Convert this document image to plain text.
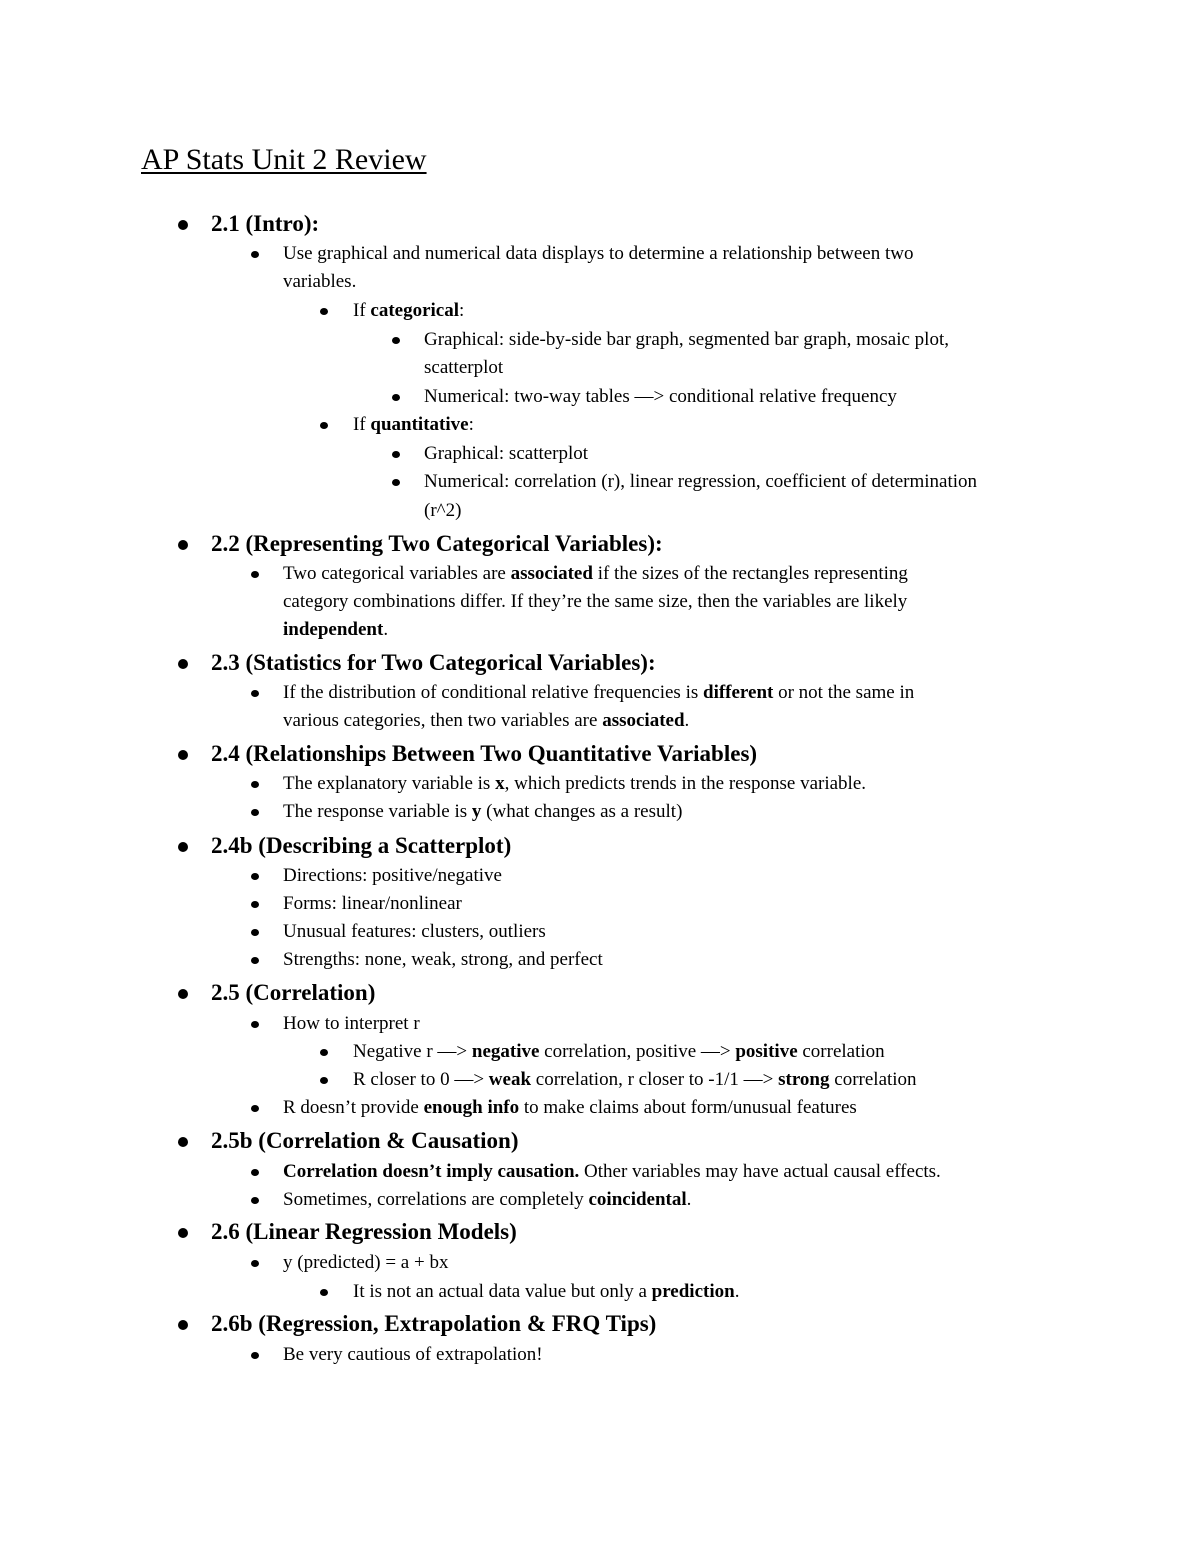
AP Stats Unit 2 Review
2.1 (Intro):
Use graphical and numerical data displays to determine a relationship between two
variables.
If categorical:
Graphical: side-by-side bar graph, segmented bar graph, mosaic plot,
scatterplot
Numerical: two-way tables —> conditional relative frequency
If quantitative:
Graphical: scatterplot
Numerical: correlation (r), linear regression, coefficient of determination
(r^2)
2.2 (Representing Two Categorical Variables):
Two categorical variables are associated if the sizes of the rectangles representing
category combinations differ. If they’re the same size, then the variables are likely
independent.
2.3 (Statistics for Two Categorical Variables):
If the distribution of conditional relative frequencies is different or not the same in
various categories, then two variables are associated.
2.4 (Relationships Between Two Quantitative Variables)
The explanatory variable is x, which predicts trends in the response variable.
The response variable is y (what changes as a result)
2.4b (Describing a Scatterplot)
Directions: positive/negative
Forms: linear/nonlinear
Unusual features: clusters, outliers
Strengths: none, weak, strong, and perfect
2.5 (Correlation)
How to interpret r
Negative r —> negative correlation, positive —> positive correlation
R closer to 0 —> weak correlation, r closer to -1/1 —> strong correlation
R doesn’t provide enough info to make claims about form/unusual features
2.5b (Correlation & Causation)
Correlation doesn’t imply causation. Other variables may have actual causal effects.
Sometimes, correlations are completely coincidental.
2.6 (Linear Regression Models)
y (predicted) = a + bx
It is not an actual data value but only a prediction.
2.6b (Regression, Extrapolation & FRQ Tips)
Be very cautious of extrapolation!
